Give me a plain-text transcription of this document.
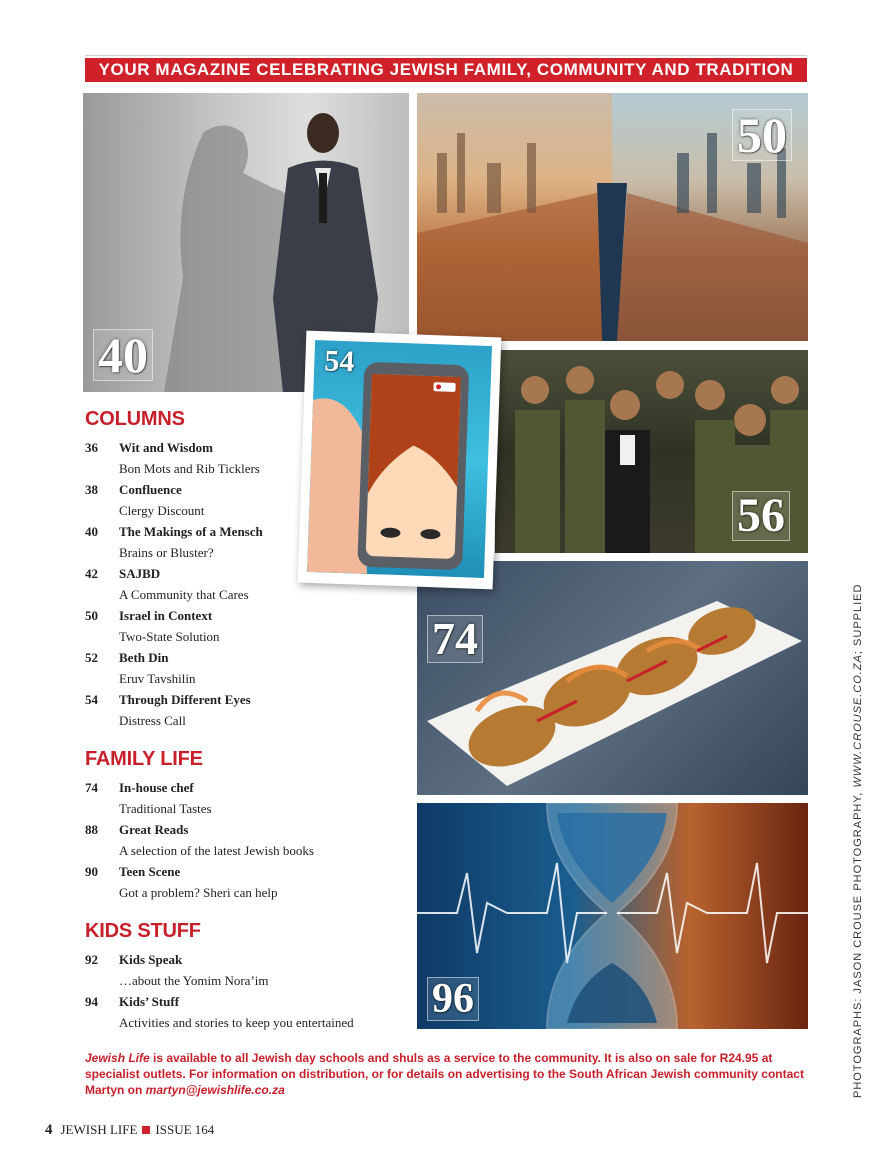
YOUR MAGAZINE CELEBRATING JEWISH FAMILY, COMMUNITY AND TRADITION
40
50
56
74
96
54
COLUMNS
36	Wit and Wisdom
Bon Mots and Rib Ticklers
38	Confluence
Clergy Discount
40	The Makings of a Mensch
Brains or Bluster?
42	SAJBD
A Community that Cares
50	Israel in Context
Two-State Solution
52	Beth Din
Eruv Tavshilin
54	Through Different Eyes
Distress Call
FAMILY LIFE
74	In-house chef
Traditional Tastes
88	Great Reads
A selection of the latest Jewish books
90	Teen Scene
Got a problem? Sheri can help
KIDS STUFF
92	Kids Speak
…about the Yomim Nora’im
94	Kids’ Stuff
Activities and stories to keep you entertained
Jewish Life is available to all Jewish day schools and shuls as a service to the community. It is also on sale for R24.95 at specialist outlets. For information on distribution, or for details on advertising to the South African Jewish community contact Martyn on martyn@jewishlife.co.za
4 JEWISH LIFE ISSUE 164
PHOTOGRAPHS: JASON CROUSE PHOTOGRAPHY, WWW.CROUSE.CO.ZA; SUPPLIED
